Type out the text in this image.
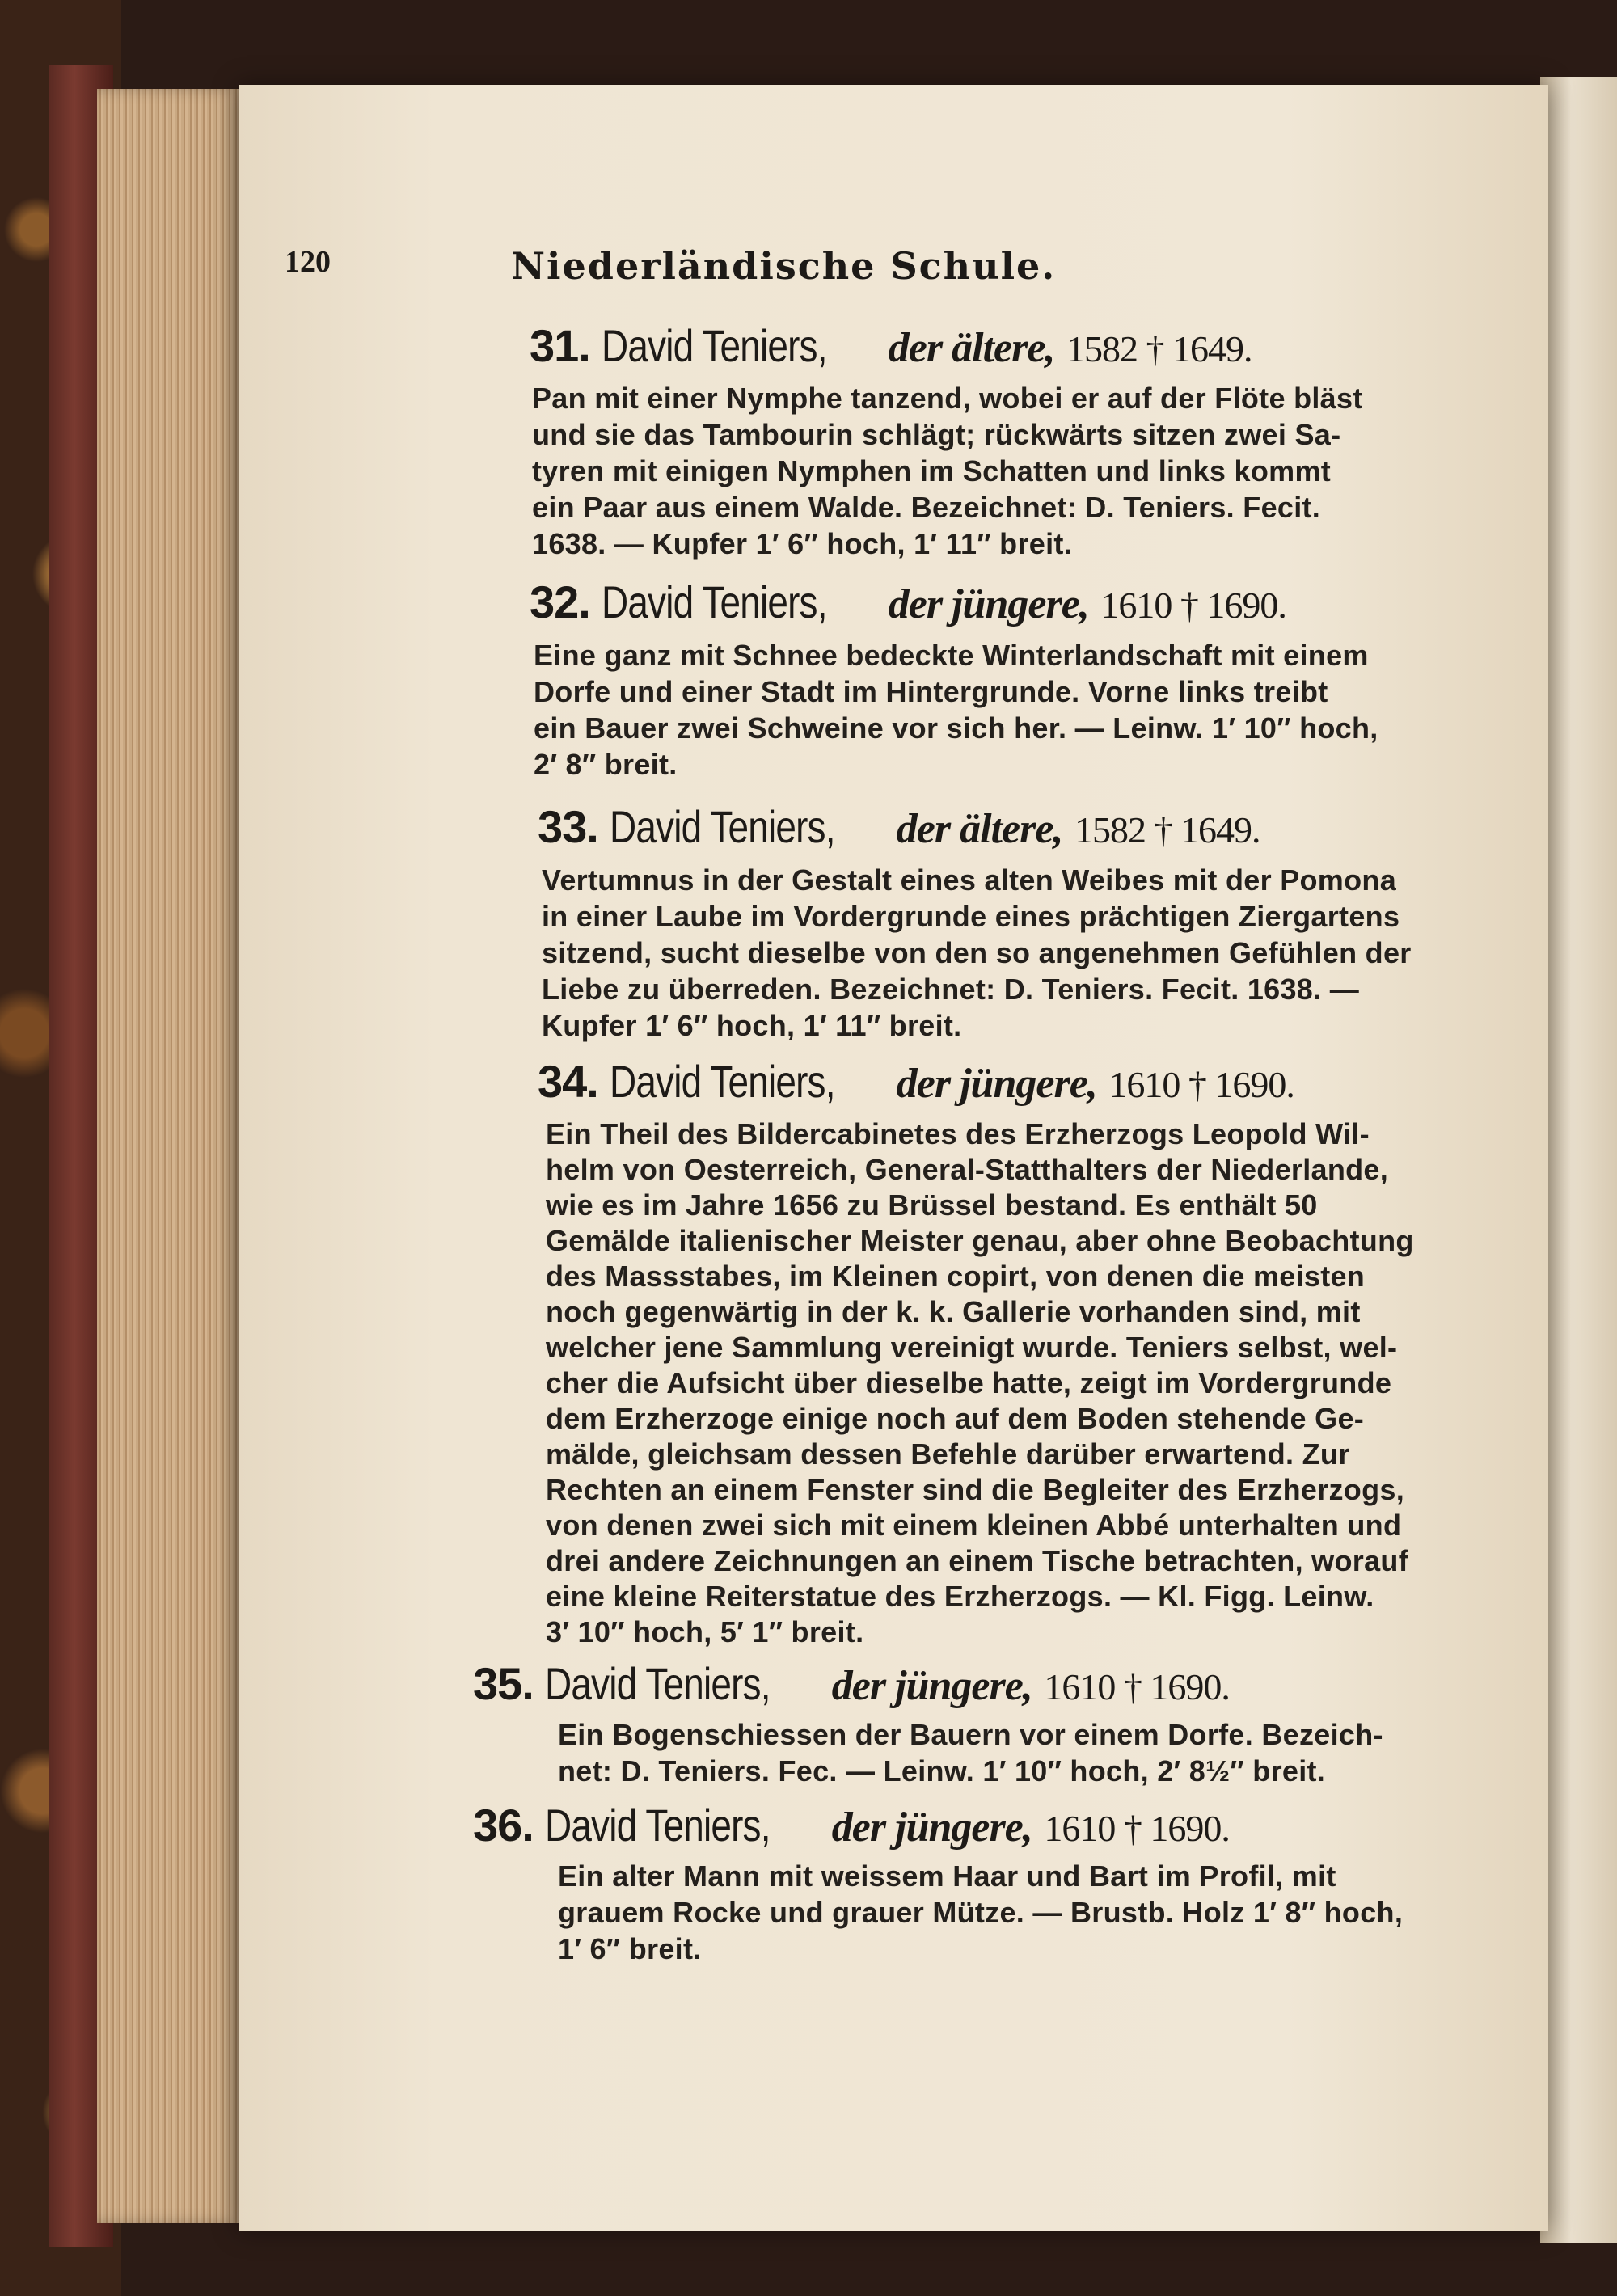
120	Niederländische Schule.
31. David Teniers, der ältere, 1582 † 1649.
Pan mit einer Nymphe tanzend, wobei er auf der Flöte bläst
und sie das Tambourin schlägt; rückwärts sitzen zwei Sa-
tyren mit einigen Nymphen im Schatten und links kommt
ein Paar aus einem Walde. Bezeichnet: D. Teniers. Fecit.
1638. — Kupfer 1′ 6″ hoch, 1′ 11″ breit.
32. David Teniers, der jüngere, 1610 † 1690.
Eine ganz mit Schnee bedeckte Winterlandschaft mit einem
Dorfe und einer Stadt im Hintergrunde. Vorne links treibt
ein Bauer zwei Schweine vor sich her. — Leinw. 1′ 10″ hoch,
2′ 8″ breit.
33. David Teniers, der ältere, 1582 † 1649.
Vertumnus in der Gestalt eines alten Weibes mit der Pomona
in einer Laube im Vordergrunde eines prächtigen Ziergartens
sitzend, sucht dieselbe von den so angenehmen Gefühlen der
Liebe zu überreden. Bezeichnet: D. Teniers. Fecit. 1638. —
Kupfer 1′ 6″ hoch, 1′ 11″ breit.
34. David Teniers, der jüngere, 1610 † 1690.
Ein Theil des Bildercabinetes des Erzherzogs Leopold Wil-
helm von Oesterreich, General-Statthalters der Niederlande,
wie es im Jahre 1656 zu Brüssel bestand. Es enthält 50
Gemälde italienischer Meister genau, aber ohne Beobachtung
des Massstabes, im Kleinen copirt, von denen die meisten
noch gegenwärtig in der k. k. Gallerie vorhanden sind, mit
welcher jene Sammlung vereinigt wurde. Teniers selbst, wel-
cher die Aufsicht über dieselbe hatte, zeigt im Vordergrunde
dem Erzherzoge einige noch auf dem Boden stehende Ge-
mälde, gleichsam dessen Befehle darüber erwartend. Zur
Rechten an einem Fenster sind die Begleiter des Erzherzogs,
von denen zwei sich mit einem kleinen Abbé unterhalten und
drei andere Zeichnungen an einem Tische betrachten, worauf
eine kleine Reiterstatue des Erzherzogs. — Kl. Figg. Leinw.
3′ 10″ hoch, 5′ 1″ breit.
35. David Teniers, der jüngere, 1610 † 1690.
Ein Bogenschiessen der Bauern vor einem Dorfe. Bezeich-
net: D. Teniers. Fec. — Leinw. 1′ 10″ hoch, 2′ 8½″ breit.
36. David Teniers, der jüngere, 1610 † 1690.
Ein alter Mann mit weissem Haar und Bart im Profil, mit
grauem Rocke und grauer Mütze. — Brustb. Holz 1′ 8″ hoch,
1′ 6″ breit.
